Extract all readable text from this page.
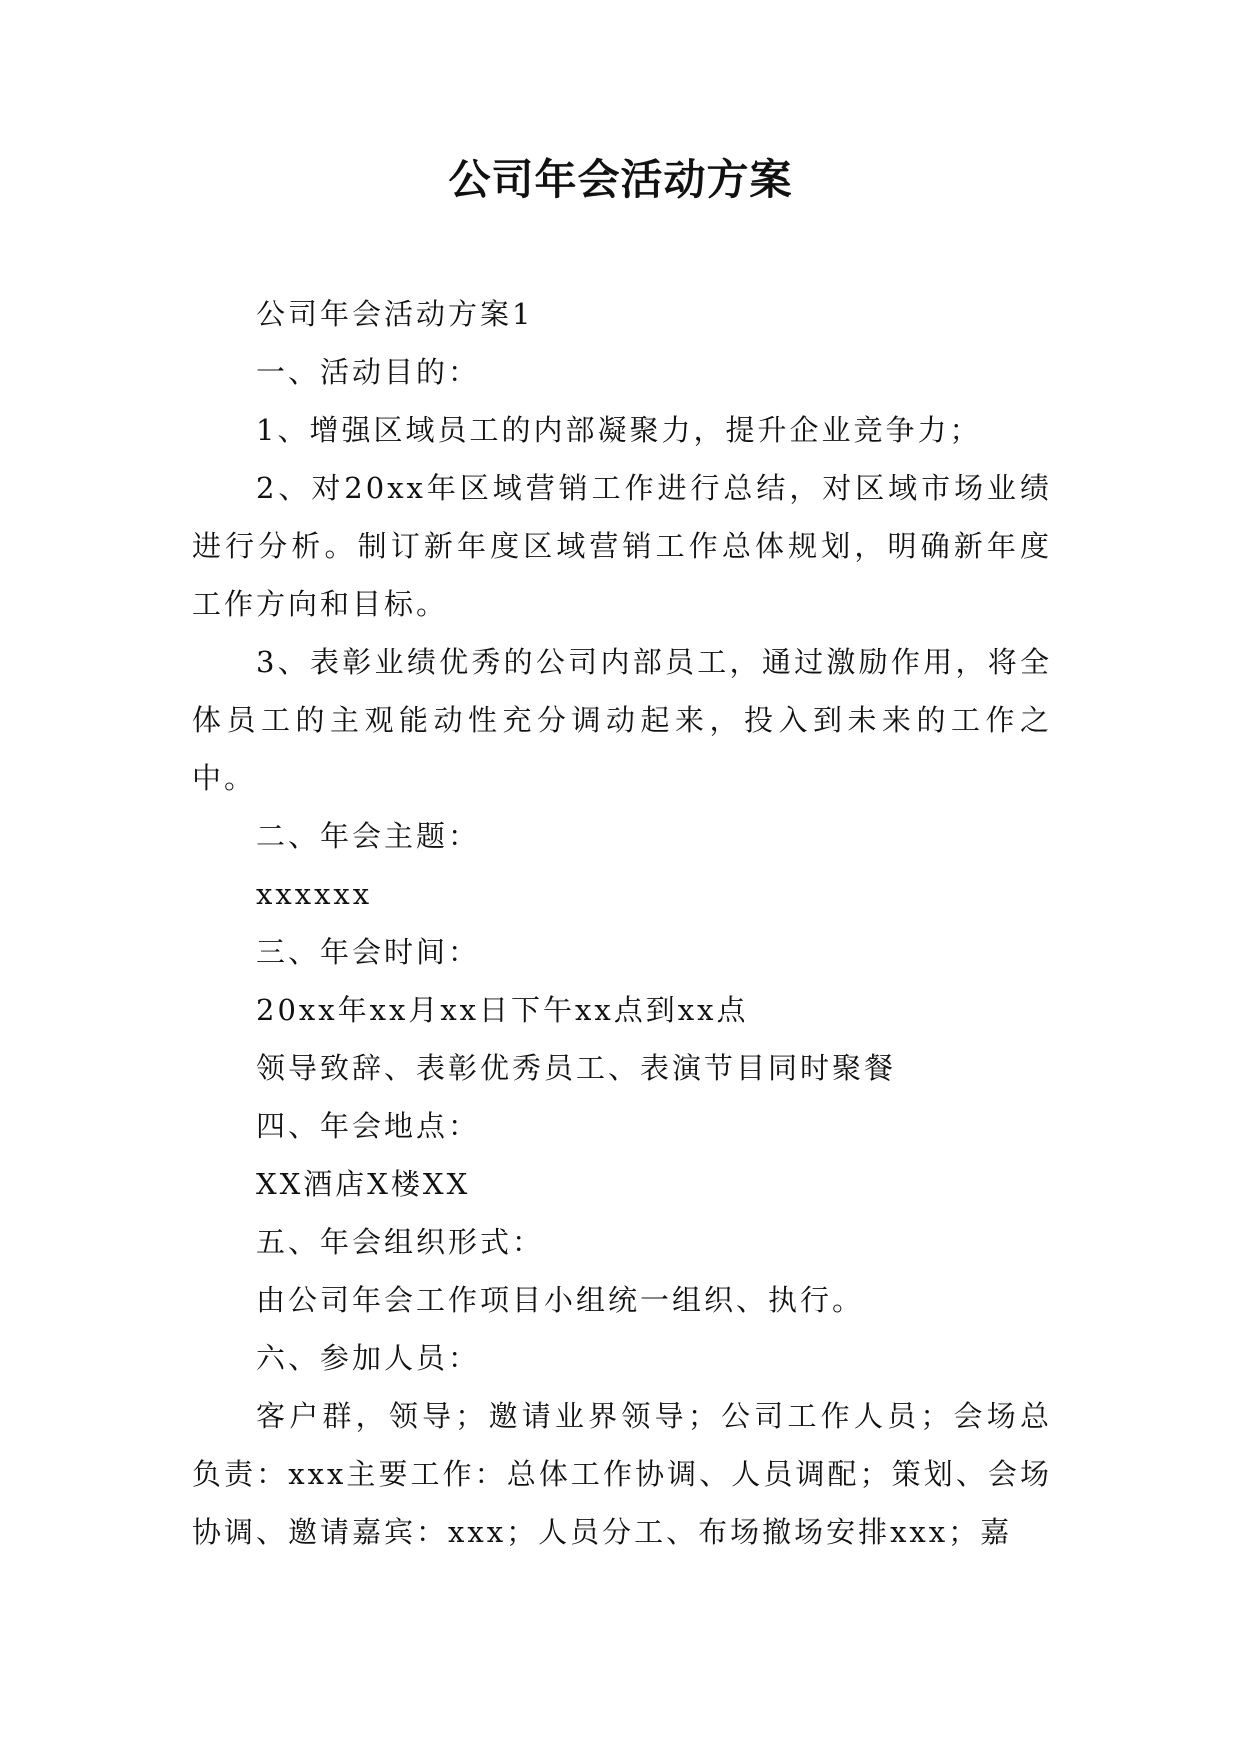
公司年会活动方案

公司年会活动方案1

一、活动目的：

1、增强区域员工的内部凝聚力，提升企业竞争力；

2、对20xx年区域营销工作进行总结，对区域市场业绩进行分析。制订新年度区域营销工作总体规划，明确新年度工作方向和目标。

3、表彰业绩优秀的公司内部员工，通过激励作用，将全体员工的主观能动性充分调动起来，投入到未来的工作之中。

二、年会主题：

xxxxxx

三、年会时间：

20xx年xx月xx日下午xx点到xx点

领导致辞、表彰优秀员工、表演节目同时聚餐

四、年会地点：

XX酒店X楼XX

五、年会组织形式：

由公司年会工作项目小组统一组织、执行。

六、参加人员：

客户群，领导；邀请业界领导；公司工作人员；会场总负责：xxx主要工作：总体工作协调、人员调配；策划、会场协调、邀请嘉宾：xxx；人员分工、布场撤场安排xxx；嘉
